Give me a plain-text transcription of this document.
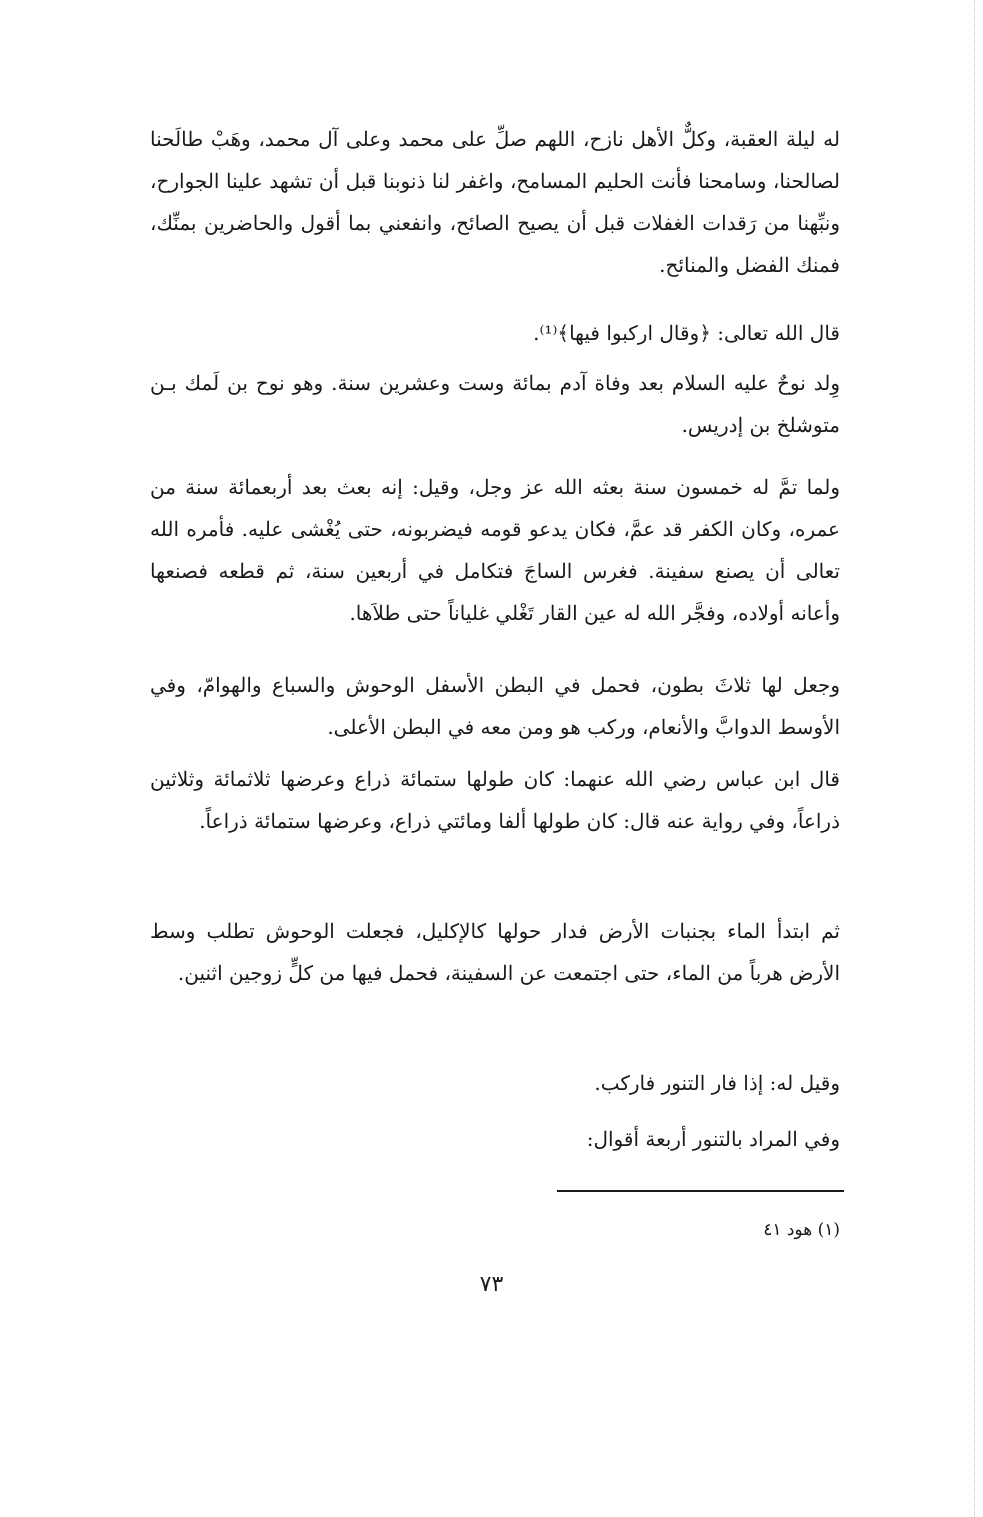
له ليلة العقبة، وكلٌّ الأهل نازح، اللهم صلِّ على محمد وعلى آل محمد، وهَبْ طالَحنا لصالحنا، وسامحنا فأنت الحليم المسامح، واغفر لنا ذنوبنا قبل أن تشهد علينا الجوارح، ونبِّهنا من رَقدات الغفلات قبل أن يصيح الصائح، وانفعني بما أقول والحاضرين بمنِّك، فمنك الفضل والمنائح.

قال الله تعالى: ﴿وقال اركبوا فيها﴾⁽¹⁾.

وِلد نوحٌ عليه السلام بعد وفاة آدم بمائة وست وعشرين سنة. وهو نوح بن لَمك بـن متوشلخ بن إدريس.

ولما تمَّ له خمسون سنة بعثه الله عز وجل، وقيل: إنه بعث بعد أربعمائة سنة من عمره، وكان الكفر قد عمَّ، فكان يدعو قومه فيضربونه، حتى يُغْشى عليه. فأمره الله تعالى أن يصنع سفينة. فغرس الساجَ فتكامل في أربعين سنة، ثم قطعه فصنعها وأعانه أولاده، وفجَّر الله له عين القار تَغْلي غلياناً حتى طلاَها.

وجعل لها ثلاثَ بطون، فحمل في البطن الأسفل الوحوش والسباع والهوامّ، وفي الأوسط الدوابَّ والأنعام، وركب هو ومن معه في البطن الأعلى.

قال ابن عباس رضي الله عنهما: كان طولها ستمائة ذراع وعرضها ثلاثمائة وثلاثين ذراعاً، وفي رواية عنه قال: كان طولها ألفا ومائتي ذراع، وعرضها ستمائة ذراعاً.

ثم ابتدأ الماء بجنبات الأرض فدار حولها كالإكليل، فجعلت الوحوش تطلب وسط الأرض هرباً من الماء، حتى اجتمعت عن السفينة، فحمل فيها من كلٍّ زوجين اثنين.

وقيل له: إذا فار التنور فاركب.

وفي المراد بالتنور أربعة أقوال:

(١) هود ٤١
٧٣
